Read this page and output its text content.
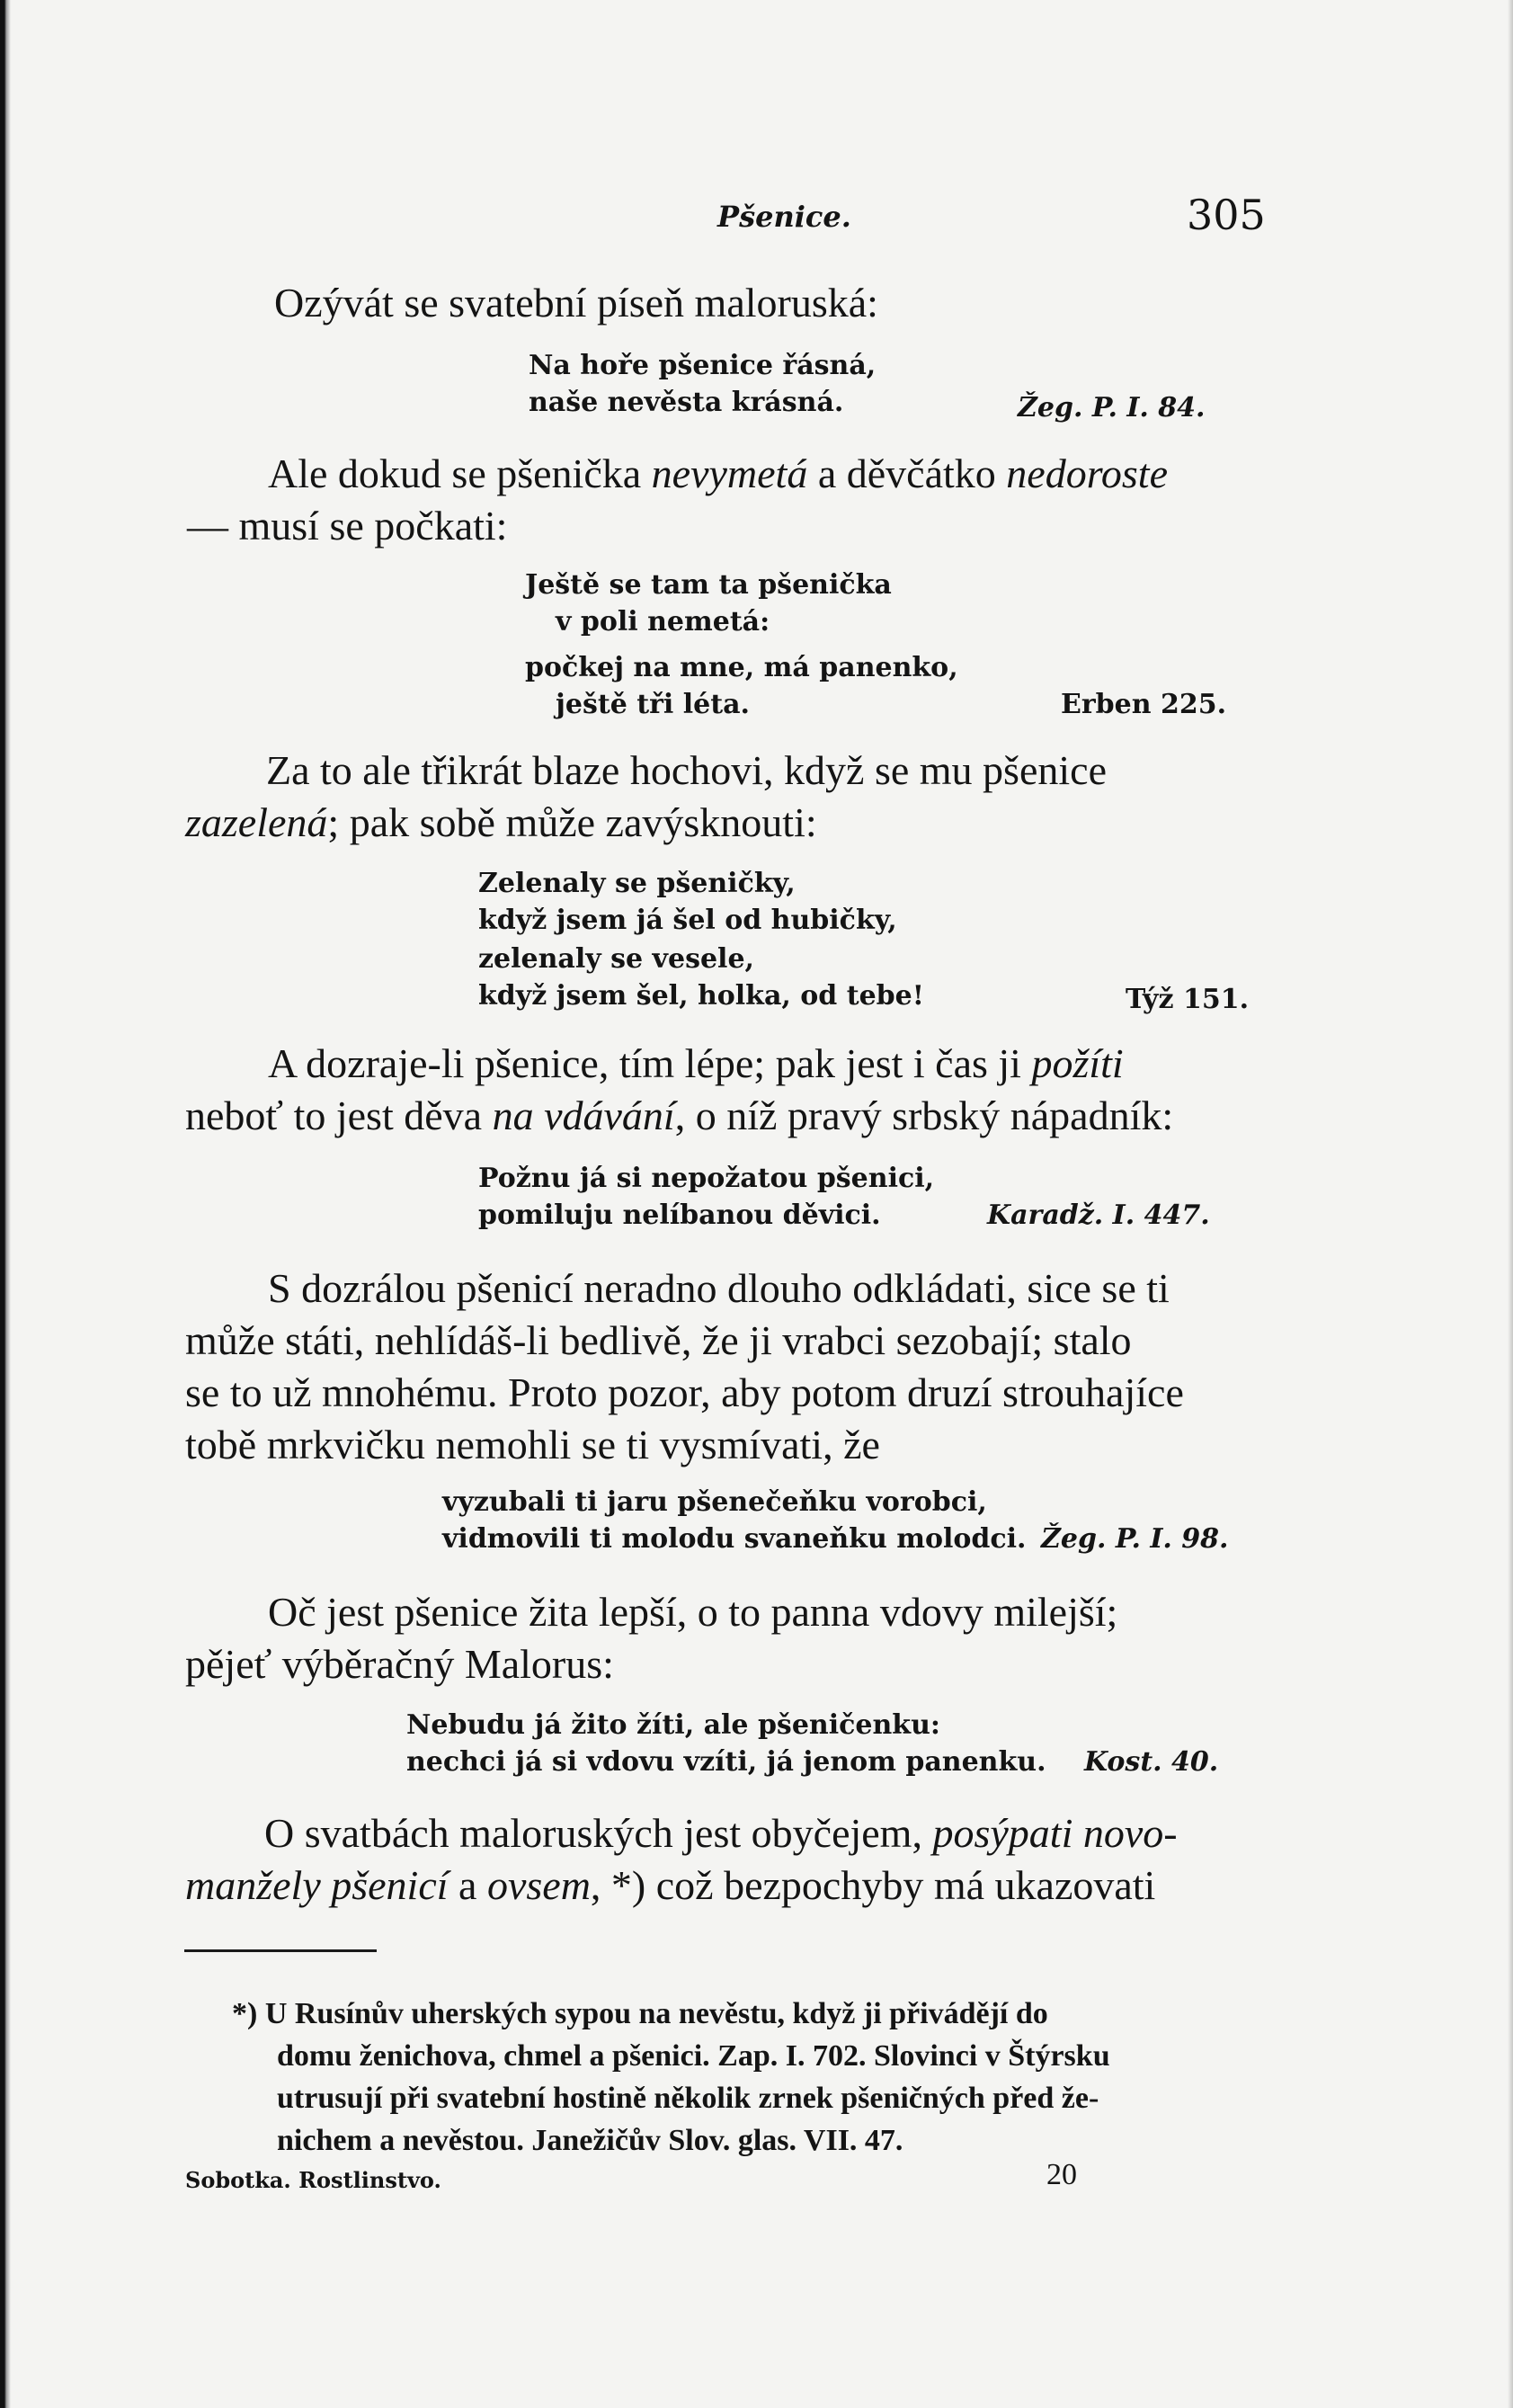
Pšenice.	305
Ozývát se svatební píseň maloruská:
Na hoře pšenice řásná,
naše nevěsta krásná.	Žeg. P. I. 84.
Ale dokud se pšenička nevymetá a děvčátko nedoroste
— musí se počkati:
Ještě se tam ta pšenička
v poli nemetá:
počkej na mne, má panenko,
ještě tři léta.	Erben 225.
Za to ale třikrát blaze hochovi, když se mu pšenice
zazelená; pak sobě může zavýsknouti:
Zelenaly se pšeničky,
když jsem já šel od hubičky,
zelenaly se vesele,
když jsem šel, holka, od tebe!	Týž 151.
A dozraje-li pšenice, tím lépe; pak jest i čas ji požíti
neboť to jest děva na vdávání, o níž pravý srbský nápadník:
Požnu já si nepožatou pšenici,
pomiluju nelíbanou děvici.	Karadž. I. 447.
S dozrálou pšenicí neradno dlouho odkládati, sice se ti
může státi, nehlídáš-li bedlivě, že ji vrabci sezobají; stalo
se to už mnohému. Proto pozor, aby potom druzí strouhajíce
tobě mrkvičku nemohli se ti vysmívati, že
vyzubali ti jaru pšenečeňku vorobci,
vidmovili ti molodu svaneňku molodci. Žeg. P. I. 98.
Oč jest pšenice žita lepší, o to panna vdovy milejší;
pějeť výběračný Malorus:
Nebudu já žito žíti, ale pšeničenku:
nechci já si vdovu vzíti, já jenom panenku. Kost. 40.
O svatbách maloruských jest obyčejem, posýpati novo-
manžely pšenicí a ovsem, *) což bezpochyby má ukazovati
*) U Rusínův uherských sypou na nevěstu, když ji přivádějí do
domu ženichova, chmel a pšenici. Zap. I. 702. Slovinci v Štýrsku
utrusují při svatební hostině několik zrnek pšeničných před že-
nichem a nevěstou. Janežičův Slov. glas. VII. 47.
Sobotka. Rostlinstvo.	20
